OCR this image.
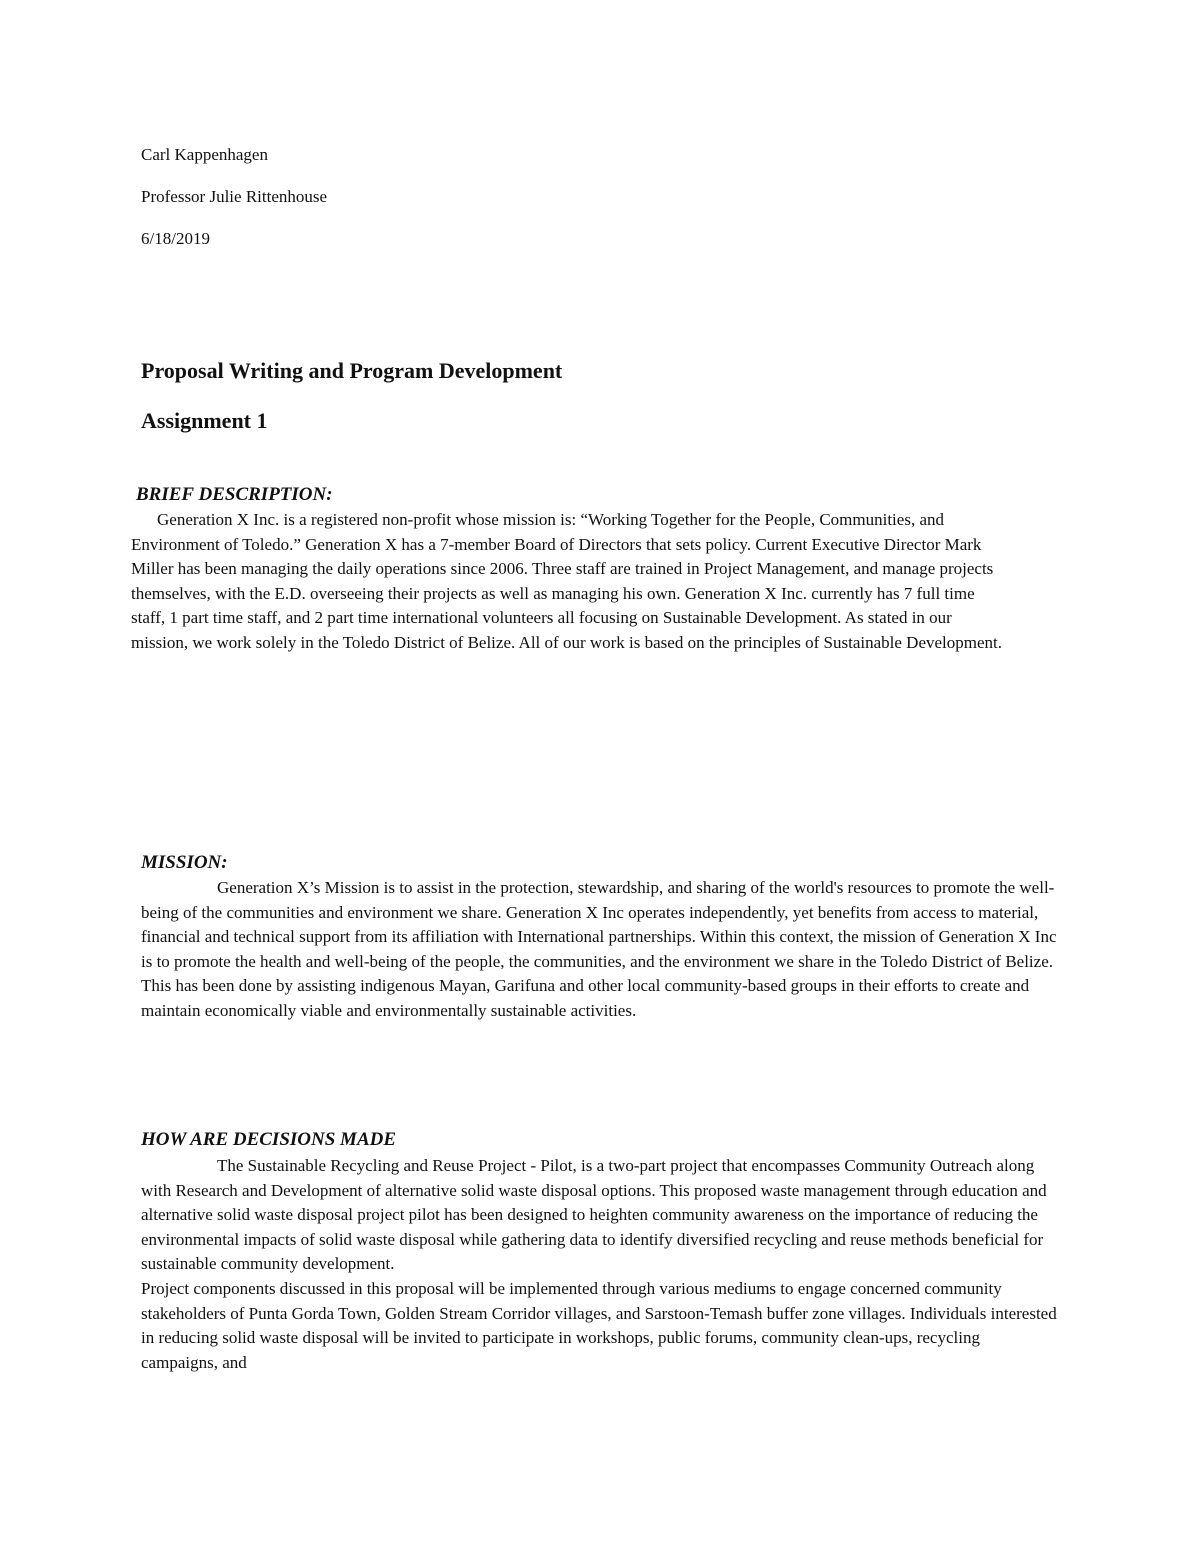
Carl Kappenhagen
Professor Julie Rittenhouse
6/18/2019
Proposal Writing and Program Development
Assignment 1
BRIEF DESCRIPTION:
Generation X Inc. is a registered non-profit whose mission is: “Working Together for the People, Communities, and Environment of Toledo.” Generation X has a 7-member Board of Directors that sets policy. Current Executive Director Mark Miller has been managing the daily operations since 2006. Three staff are trained in Project Management, and manage projects themselves, with the E.D. overseeing their projects as well as managing his own. Generation X Inc. currently has 7 full time staff, 1 part time staff, and 2 part time international volunteers all focusing on Sustainable Development. As stated in our mission, we work solely in the Toledo District of Belize. All of our work is based on the principles of Sustainable Development.
MISSION:
Generation X’s Mission is to assist in the protection, stewardship, and sharing of the world's resources to promote the well-being of the communities and environment we share. Generation X Inc operates independently, yet benefits from access to material, financial and technical support from its affiliation with International partnerships. Within this context, the mission of Generation X Inc is to promote the health and well-being of the people, the communities, and the environment we share in the Toledo District of Belize. This has been done by assisting indigenous Mayan, Garifuna and other local community-based groups in their efforts to create and maintain economically viable and environmentally sustainable activities.
HOW ARE DECISIONS MADE

The Sustainable Recycling and Reuse Project - Pilot, is a two-part project that encompasses Community Outreach along with Research and Development of alternative solid waste disposal options. This proposed waste management through education and alternative solid waste disposal project pilot has been designed to heighten community awareness on the importance of reducing the environmental impacts of solid waste disposal while gathering data to identify diversified recycling and reuse methods beneficial for sustainable community development.

Project components discussed in this proposal will be implemented through various mediums to engage concerned community stakeholders of Punta Gorda Town, Golden Stream Corridor villages, and Sarstoon-Temash buffer zone villages. Individuals interested in reducing solid waste disposal will be invited to participate in workshops, public forums, community clean-ups, recycling campaigns, and
